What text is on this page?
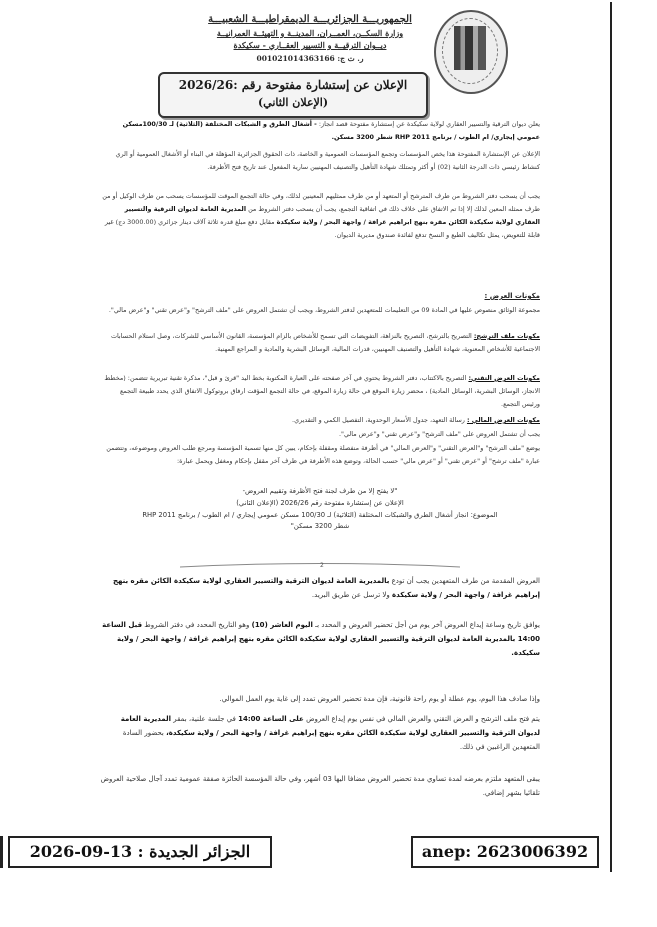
الجمهوريـــة الجزائريـــة الديمقراطيـــة الشعبيـــة
وزارة السكــن، العمــران، المدينــة و التهيئــة العمرانيــة
ديــوان الترقيــة و التسيير العقــاري - سكيكدة
ر. ت ج: 001021014363166
الإعلان عن إستشارة مفتوحة رقم :2026/26
(الإعلان الثاني)
يعلن ديوان الترقية والتسيير العقاري لولاية سكيكدة عن إستشارة مفتوحة قصد انجاز: - أشغال الطرق و الشبكات المختلفة (الثلاثية) لـ 100/30مسكن عمومي إيجاري/ ام الطوب / برنامج RHP 2011 شطر 3200 مسكن.
الإعلان عن الإستشارة المفتوحة هذا يخص المؤسسات وتجمع المؤسسات العمومية و الخاصة، ذات الحقوق الجزائرية المؤهلة في البناء أو الأشغال العمومية أو الري كنشاط رئيسي ذات الدرجة الثانية (02) أو أكثر وتمتلك شهادة التأهيل والتصنيف المهنيين سارية المفعول عند تاريخ فتح الأظرفة.
يجب أن يسحب دفتر الشروط من طرف المترشح أو المتعهد أو من طرف ممثليهم المعينين لذلك، وفي حالة التجمع الموقت للمؤسسات يسحب من طرف الوكيل أو من طرف ممثله المعين لذلك إلا إذا تم الاتفاق على خلاف ذلك في اتفاقية التجمع، يجب أن يسحب دفتر الشروط من المديرية العامة لديوان الترقية والتسيير العقاري لولاية سكيكدة الكائن مقره بنهج ابراهيم غرافة / واجهة البحر / ولاية سكيكدة مقابل دفع مبلغ قدره ثلاثة آلاف دينار جزائري (3000.00 دج) غير قابلة للتعويض، يمثل تكاليف الطبع و النسخ تدفع لفائدة صندوق مديرية الديوان.
مكونات العرض :
مجموعة الوثائق منصوص عليها في المادة 09 من التعليمات للمتعهدين لدفتر الشروط، ويجب أن تشتمل العروض على "ملف الترشح" و"عرض تقني" و"عرض مالي".
مكونات ملف الترشح: التصريح بالترشح، التصريح بالنزاهة، التفويضات التي تسمح للأشخاص بالزام المؤسسة، القانون الأساسي للشركات، وصل استلام الحسابات الاجتماعية للأشخاص المعنوية، شهادة التأهيل والتصنيف المهنيين، قدرات المالية، الوسائل البشرية والمادية و المراجع المهنية.
مكونات العرض التقني: التصريح بالاكتتاب، دفتر الشروط يحتوي في آخر صفحته على العبارة المكتوبة بخط اليد "قرئ و قبل"، مذكرة تقنية تبريرية تتضمن: (مخطط الانجاز، الوسائل البشرية، الوسائل المادية) ، محضر زيارة الموقع في حالة زيارة الموقع، في حالة التجمع المؤقت ارفاق بروتوكول الاتفاق الذي يحدد طبيعة التجمع ورئيس التجمع.
مكونات العرض المالي : رسالة التعهد، جدول الأسعار الوحدوية، التفصيل الكمي و التقديري.
يجب أن تشتمل العروض على "ملف الترشح" و"عرض تقني" و"عرض مالي".
يوضع "ملف الترشح" و"العرض التقني" و"العرض المالي" في أظرفة منفصلة ومقفلة بإحكام، يبين كل منها تسمية المؤسسة ومرجع طلب العروض وموضوعه، وتتضمن عبارة "ملف ترشح" أو "عرض تقني" أو "عرض مالي" حسب الحالة، وتوضع هذه الأظرفة في ظرف آخر مقفل بإحكام ومغفل ويحمل عبارة:
"لا يفتح إلا من طرف لجنة فتح الأظرفة وتقييم العروض-
الإعلان عن إستشارة مفتوحة رقم 2026/26 (الإعلان الثاني)
الموضوع: انجاز أشغال الطرق والشبكات المختلفة (الثلاثية) لـ 100/30 مسكن عمومي إيجاري / ام الطوب / برنامج RHP 2011 شطر 3200 مسكن"
2
العروض المقدمة من طرف المتعهدين يجب أن تودع بالمديرية العامة لديوان الترقية والتسيير العقاري لولاية سكيكدة الكائن مقره بنهج إبراهيم غرافة / واجهة البحر / ولاية سكيكدة ولا ترسل عن طريق البريد.
يوافق تاريخ وساعة إيداع العروض آخر يوم من أجل تحضير العروض و المحدد بـ اليوم العاشر (10) وهو التاريخ المحدد في دفتر الشروط قبل الساعة 14:00 بالمديرية العامة لديوان الترقية والتسيير العقاري لولاية سكيكدة الكائن مقره بنهج إبراهيم غرافة / واجهة البحر / ولاية سكيكدة.
وإذا صادف هذا اليوم، يوم عطلة أو يوم راحة قانونية، فإن مدة تحضير العروض تمدد إلى غاية يوم العمل الموالي.
يتم فتح ملف الترشح و العرض التقني والعرض المالي في نفس يوم إيداع العروض على الساعة 14:00 في جلسة علنية، بمقر المديرية العامة لديوان الترقية والتسيير العقاري لولاية سكيكدة الكائن مقره بنهج إبراهيم غرافة / واجهة البحر / ولاية سكيكدة، بحضور السادة المتعهدين الراغبين في ذلك.
يبقى المتعهد ملتزم بعرضه لمدة تساوي مدة تحضير العروض مضافا اليها 03 أشهر، وفي حالة المؤسسة الحائزة صفقة عمومية تمدد آجال صلاحية العروض تلقائيا بشهر إضافي.
الجزائر الجديدة : 13-09-2026	anep: 2623006392
